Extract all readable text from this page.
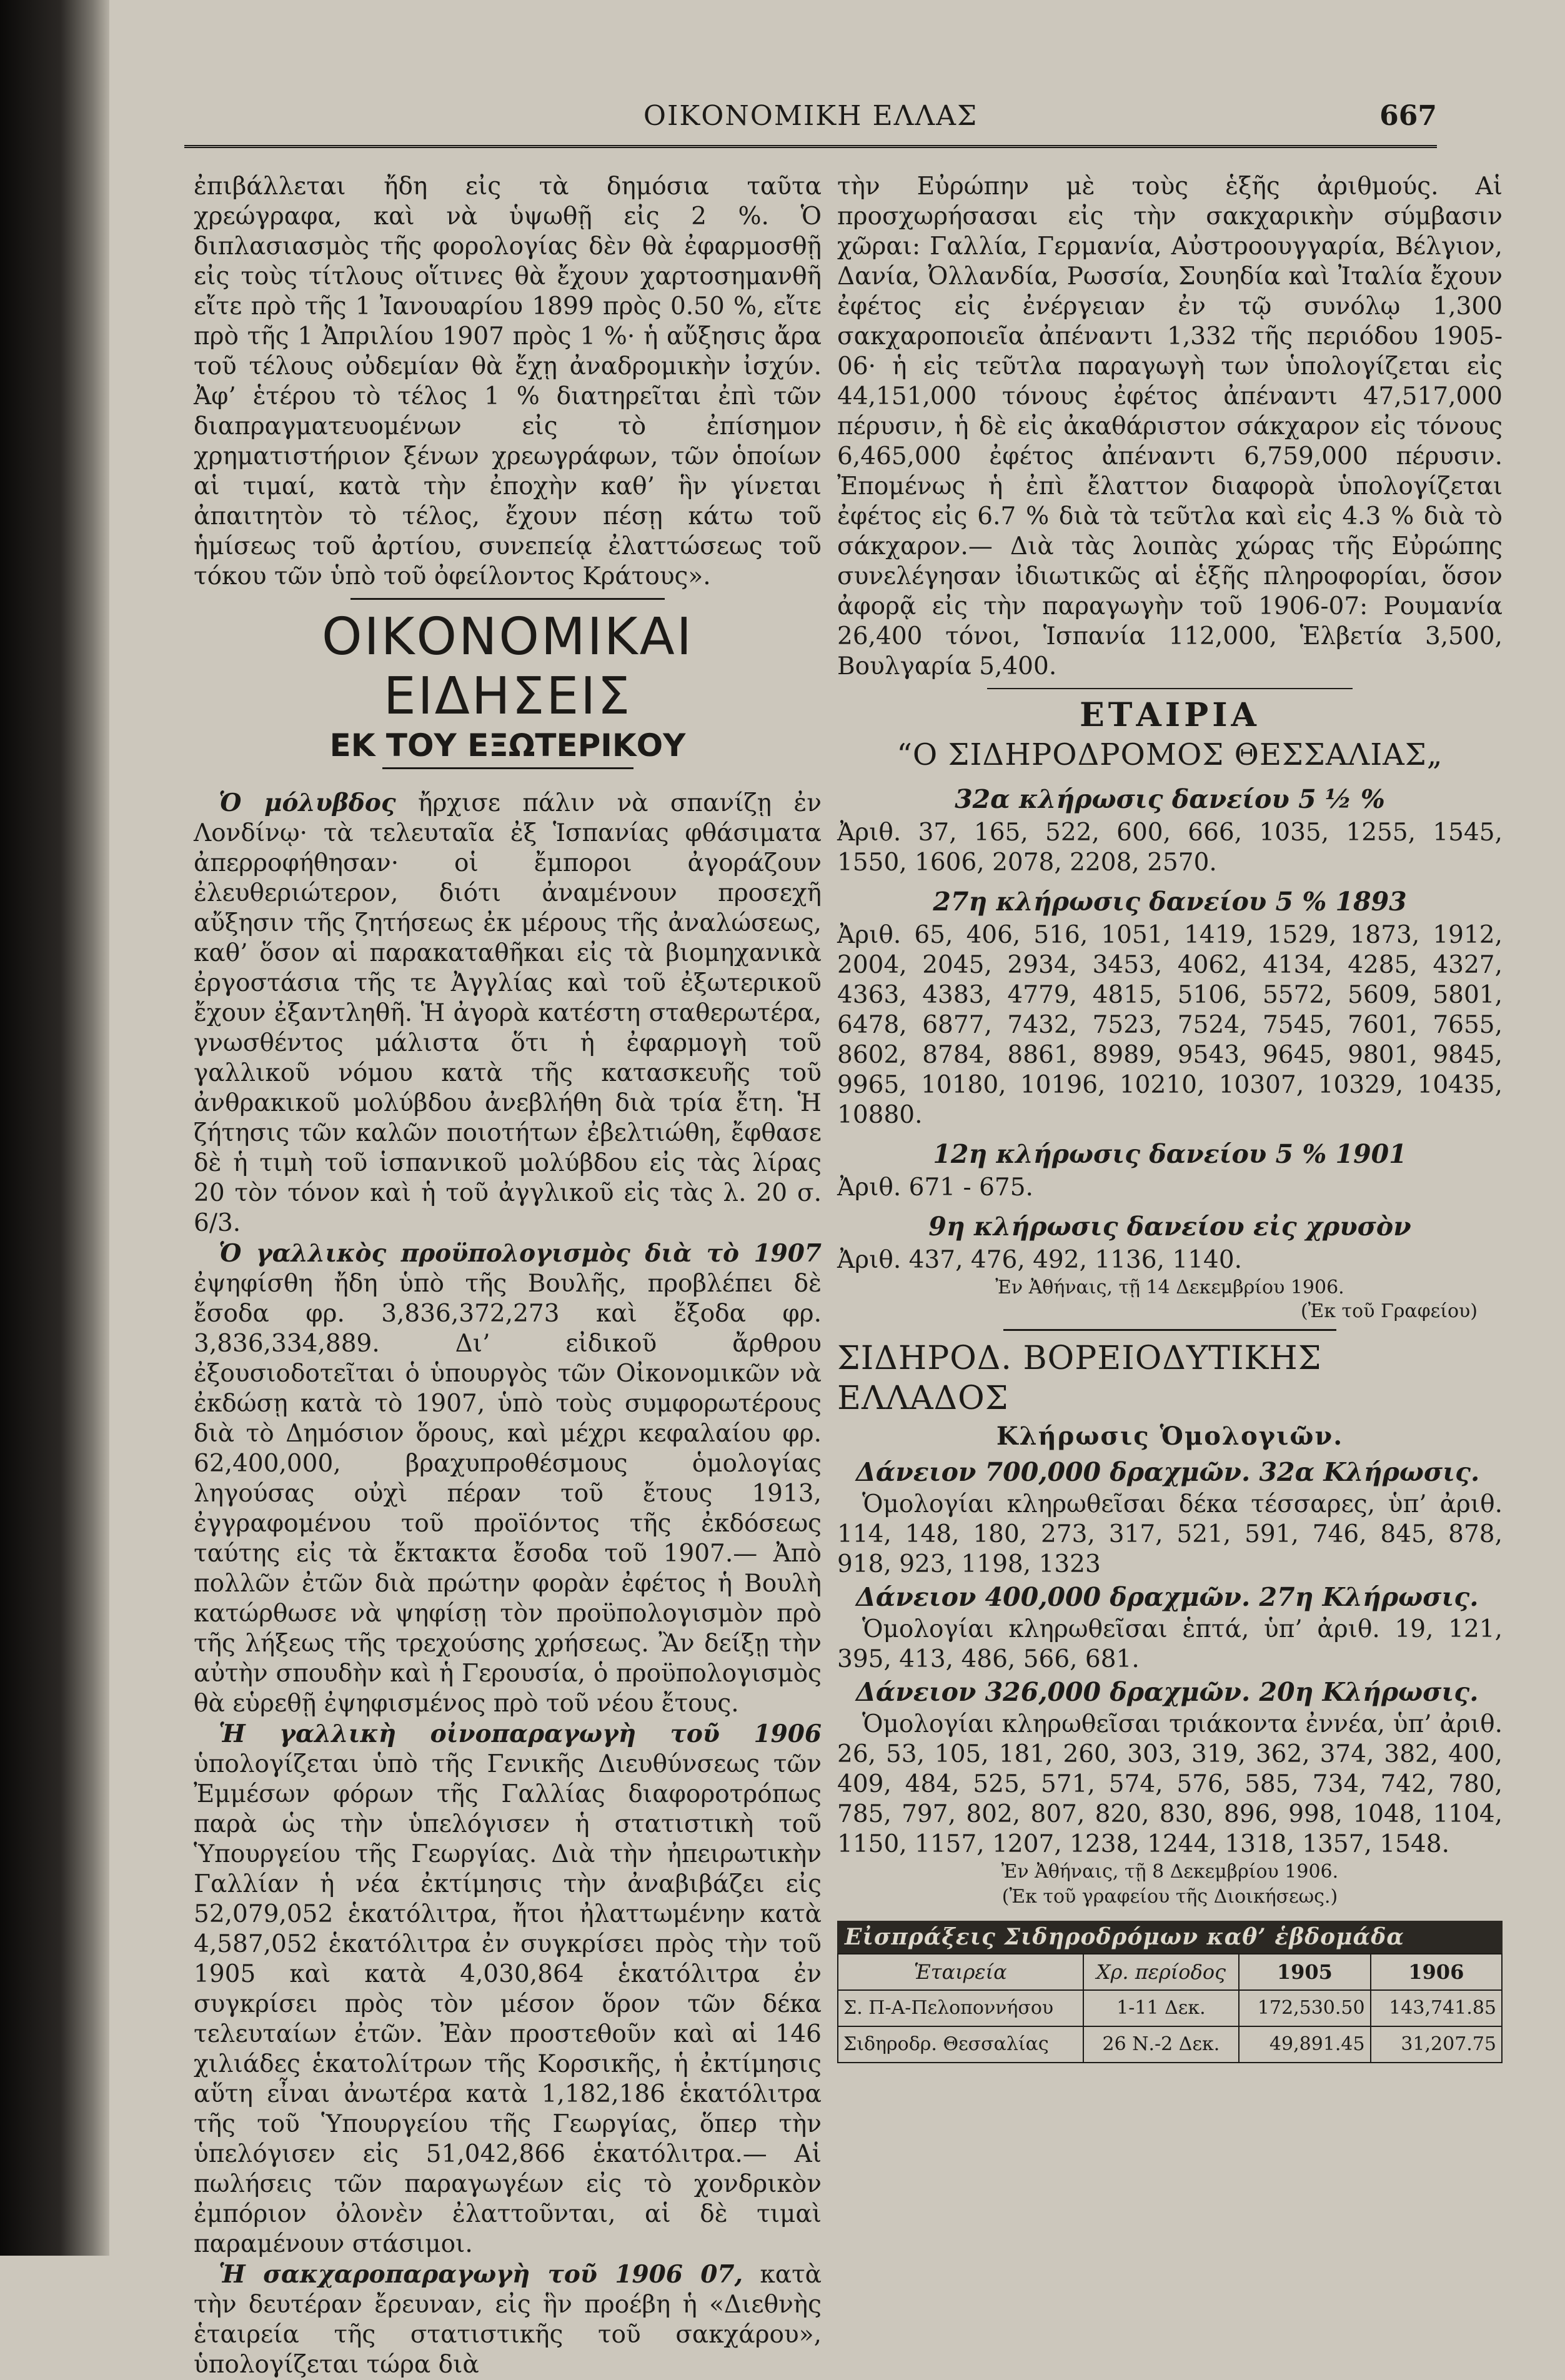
ΟΙΚΟΝΟΜΙΚΗ ΕΛΛΑΣ	667

ἐπιβάλλεται ἤδη εἰς τὰ δημόσια ταῦτα χρεώγραφα, καὶ νὰ ὑψωθῇ εἰς 2 %. Ὁ διπλασιασμὸς τῆς φορολογίας δὲν θὰ ἐφαρμοσθῇ εἰς τοὺς τίτλους οἵτινες θὰ ἔχουν χαρτοσημανθῆ εἴτε πρὸ τῆς 1 Ἰανουαρίου 1899 πρὸς 0.50 %, εἴτε πρὸ τῆς 1 Ἀπριλίου 1907 πρὸς 1 %· ἡ αὔξησις ἄρα τοῦ τέλους οὐδεμίαν θὰ ἔχῃ ἀναδρομικὴν ἰσχύν. Ἀφ’ ἑτέρου τὸ τέλος 1 % διατηρεῖται ἐπὶ τῶν διαπραγματευομένων εἰς τὸ ἐπίσημον χρηματιστήριον ξένων χρεωγράφων, τῶν ὁποίων αἱ τιμαί, κατὰ τὴν ἐποχὴν καθ’ ἣν γίνεται ἀπαιτητὸν τὸ τέλος, ἔχουν πέσῃ κάτω τοῦ ἡμίσεως τοῦ ἀρτίου, συνεπείᾳ ἐλαττώσεως τοῦ τόκου τῶν ὑπὸ τοῦ ὀφείλοντος Κράτους».

ΟΙΚΟΝΟΜΙΚΑΙ ΕΙΔΗΣΕΙΣ
ΕΚ ΤΟΥ ΕΞΩΤΕΡΙΚΟΥ

Ὁ μόλυβδος ἤρχισε πάλιν νὰ σπανίζῃ ἐν Λονδίνῳ· τὰ τελευταῖα ἐξ Ἱσπανίας φθάσιματα ἀπερροφήθησαν· οἱ ἔμποροι ἀγοράζουν ἐλευθεριώτερον, διότι ἀναμένουν προσεχῆ αὔξησιν τῆς ζητήσεως ἐκ μέρους τῆς ἀναλώσεως, καθ’ ὅσον αἱ παρακαταθῆκαι εἰς τὰ βιομηχανικὰ ἐργοστάσια τῆς τε Ἀγγλίας καὶ τοῦ ἐξωτερικοῦ ἔχουν ἐξαντληθῆ. Ἡ ἀγορὰ κατέστη σταθερωτέρα, γνωσθέντος μάλιστα ὅτι ἡ ἐφαρμογὴ τοῦ γαλλικοῦ νόμου κατὰ τῆς κατασκευῆς τοῦ ἀνθρακικοῦ μολύβδου ἀνεβλήθη διὰ τρία ἔτη. Ἡ ζήτησις τῶν καλῶν ποιοτήτων ἐβελτιώθη, ἔφθασε δὲ ἡ τιμὴ τοῦ ἱσπανικοῦ μολύβδου εἰς τὰς λίρας 20 τὸν τόνον καὶ ἡ τοῦ ἀγγλικοῦ εἰς τὰς λ. 20 σ. 6/3.

Ὁ γαλλικὸς προϋπολογισμὸς διὰ τὸ 1907 ἐψηφίσθη ἤδη ὑπὸ τῆς Βουλῆς, προβλέπει δὲ ἔσοδα φρ. 3,836,372,273 καὶ ἔξοδα φρ. 3,836,334,889. Δι’ εἰδικοῦ ἄρθρου ἐξουσιοδοτεῖται ὁ ὑπουργὸς τῶν Οἰκονομικῶν νὰ ἐκδώσῃ κατὰ τὸ 1907, ὑπὸ τοὺς συμφορωτέρους διὰ τὸ Δημόσιον ὅρους, καὶ μέχρι κεφαλαίου φρ. 62,400,000, βραχυπροθέσμους ὁμολογίας ληγούσας οὐχὶ πέραν τοῦ ἔτους 1913, ἐγγραφομένου τοῦ προϊόντος τῆς ἐκδόσεως ταύτης εἰς τὰ ἔκτακτα ἔσοδα τοῦ 1907.— Ἀπὸ πολλῶν ἐτῶν διὰ πρώτην φορὰν ἐφέτος ἡ Βουλὴ κατώρθωσε νὰ ψηφίσῃ τὸν προϋπολογισμὸν πρὸ τῆς λήξεως τῆς τρεχούσης χρήσεως. Ἂν δείξῃ τὴν αὐτὴν σπουδὴν καὶ ἡ Γερουσία, ὁ προϋπολογισμὸς θὰ εὑρεθῇ ἐψηφισμένος πρὸ τοῦ νέου ἔτους.

Ἡ γαλλικὴ οἰνοπαραγωγὴ τοῦ 1906 ὑπολογίζεται ὑπὸ τῆς Γενικῆς Διευθύνσεως τῶν Ἐμμέσων φόρων τῆς Γαλλίας διαφοροτρόπως παρὰ ὡς τὴν ὑπελόγισεν ἡ στατιστικὴ τοῦ Ὑπουργείου τῆς Γεωργίας. Διὰ τὴν ἠπειρωτικὴν Γαλλίαν ἡ νέα ἐκτίμησις τὴν ἀναβιβάζει εἰς 52,079,052 ἑκατόλιτρα, ἤτοι ἠλαττωμένην κατὰ 4,587,052 ἑκατόλιτρα ἐν συγκρίσει πρὸς τὴν τοῦ 1905 καὶ κατὰ 4,030,864 ἑκατόλιτρα ἐν συγκρίσει πρὸς τὸν μέσον ὅρον τῶν δέκα τελευταίων ἐτῶν. Ἐὰν προστεθοῦν καὶ αἱ 146 χιλιάδες ἑκατολίτρων τῆς Κορσικῆς, ἡ ἐκτίμησις αὕτη εἶναι ἀνωτέρα κατὰ 1,182,186 ἑκατόλιτρα τῆς τοῦ Ὑπουργείου τῆς Γεωργίας, ὅπερ τὴν ὑπελόγισεν εἰς 51,042,866 ἑκατόλιτρα.— Αἱ πωλήσεις τῶν παραγωγέων εἰς τὸ χονδρικὸν ἐμπόριον ὀλονὲν ἐλαττοῦνται, αἱ δὲ τιμαὶ παραμένουν στάσιμοι.

Ἡ σακχαροπαραγωγὴ τοῦ 1906 07, κατὰ τὴν δευτέραν ἔρευναν, εἰς ἣν προέβη ἡ «Διεθνὴς ἑταιρεία τῆς στατιστικῆς τοῦ σακχάρου», ὑπολογίζεται τώρα διὰ

τὴν Εὐρώπην μὲ τοὺς ἑξῆς ἀριθμούς. Αἱ προσχωρήσασαι εἰς τὴν σακχαρικὴν σύμβασιν χῶραι: Γαλλία, Γερμανία, Αὐστροουγγαρία, Βέλγιον, Δανία, Ὀλλανδία, Ρωσσία, Σουηδία καὶ Ἰταλία ἔχουν ἐφέτος εἰς ἐνέργειαν ἐν τῷ συνόλῳ 1,300 σακχαροποιεῖα ἀπέναντι 1,332 τῆς περιόδου 1905-06· ἡ εἰς τεῦτλα παραγωγὴ των ὑπολογίζεται εἰς 44,151,000 τόνους ἐφέτος ἀπέναντι 47,517,000 πέρυσιν, ἡ δὲ εἰς ἀκαθάριστον σάκχαρον εἰς τόνους 6,465,000 ἐφέτος ἀπέναντι 6,759,000 πέρυσιν. Ἐπομένως ἡ ἐπὶ ἔλαττον διαφορὰ ὑπολογίζεται ἐφέτος εἰς 6.7 % διὰ τὰ τεῦτλα καὶ εἰς 4.3 % διὰ τὸ σάκχαρον.— Διὰ τὰς λοιπὰς χώρας τῆς Εὐρώπης συνελέγησαν ἰδιωτικῶς αἱ ἑξῆς πληροφορίαι, ὅσον ἀφορᾷ εἰς τὴν παραγωγὴν τοῦ 1906-07: Ρουμανία 26,400 τόνοι, Ἱσπανία 112,000, Ἑλβετία 3,500, Βουλγαρία 5,400.

ΕΤΑΙΡΙΑ
“Ο ΣΙΔΗΡΟΔΡΟΜΟΣ ΘΕΣΣΑΛΙΑΣ„
32α κλήρωσις δανείου 5 ½ %

Ἀριθ. 37, 165, 522, 600, 666, 1035, 1255, 1545, 1550, 1606, 2078, 2208, 2570.

27η κλήρωσις δανείου 5 % 1893

Ἀριθ. 65, 406, 516, 1051, 1419, 1529, 1873, 1912, 2004, 2045, 2934, 3453, 4062, 4134, 4285, 4327, 4363, 4383, 4779, 4815, 5106, 5572, 5609, 5801, 6478, 6877, 7432, 7523, 7524, 7545, 7601, 7655, 8602, 8784, 8861, 8989, 9543, 9645, 9801, 9845, 9965, 10180, 10196, 10210, 10307, 10329, 10435, 10880.

12η κλήρωσις δανείου 5 % 1901

Ἀριθ. 671 - 675.

9η κλήρωσις δανείου εἰς χρυσὸν

Ἀριθ. 437, 476, 492, 1136, 1140.

Ἐν Ἀθήναις, τῇ 14 Δεκεμβρίου 1906.
(Ἐκ τοῦ Γραφείου)
ΣΙΔΗΡΟΔ. ΒΟΡΕΙΟΔΥΤΙΚΗΣ ΕΛΛΑΔΟΣ
Κλήρωσις Ὁμολογιῶν.
Δάνειον 700,000 δραχμῶν. 32α Κλήρωσις.

Ὁμολογίαι κληρωθεῖσαι δέκα τέσσαρες, ὑπ’ ἀριθ. 114, 148, 180, 273, 317, 521, 591, 746, 845, 878, 918, 923, 1198, 1323

Δάνειον 400,000 δραχμῶν. 27η Κλήρωσις.

Ὁμολογίαι κληρωθεῖσαι ἑπτά, ὑπ’ ἀριθ. 19, 121, 395, 413, 486, 566, 681.

Δάνειον 326,000 δραχμῶν. 20η Κλήρωσις.

Ὁμολογίαι κληρωθεῖσαι τριάκοντα ἐννέα, ὑπ’ ἀριθ. 26, 53, 105, 181, 260, 303, 319, 362, 374, 382, 400, 409, 484, 525, 571, 574, 576, 585, 734, 742, 780, 785, 797, 802, 807, 820, 830, 896, 998, 1048, 1104, 1150, 1157, 1207, 1238, 1244, 1318, 1357, 1548.

Ἐν Ἀθήναις, τῇ 8 Δεκεμβρίου 1906.
(Ἐκ τοῦ γραφείου τῆς Διοικήσεως.)
Εἰσπράξεις Σιδηροδρόμων καθ’ ἑβδομάδα
Ἑταιρεία	Χρ. περίοδος	1905	1906
Σ. Π-Α-Πελοποννήσου	1-11 Δεκ.	172,530.50	143,741.85
Σιδηροδρ. Θεσσαλίας	26 Ν.-2 Δεκ.	49,891.45	31,207.75
